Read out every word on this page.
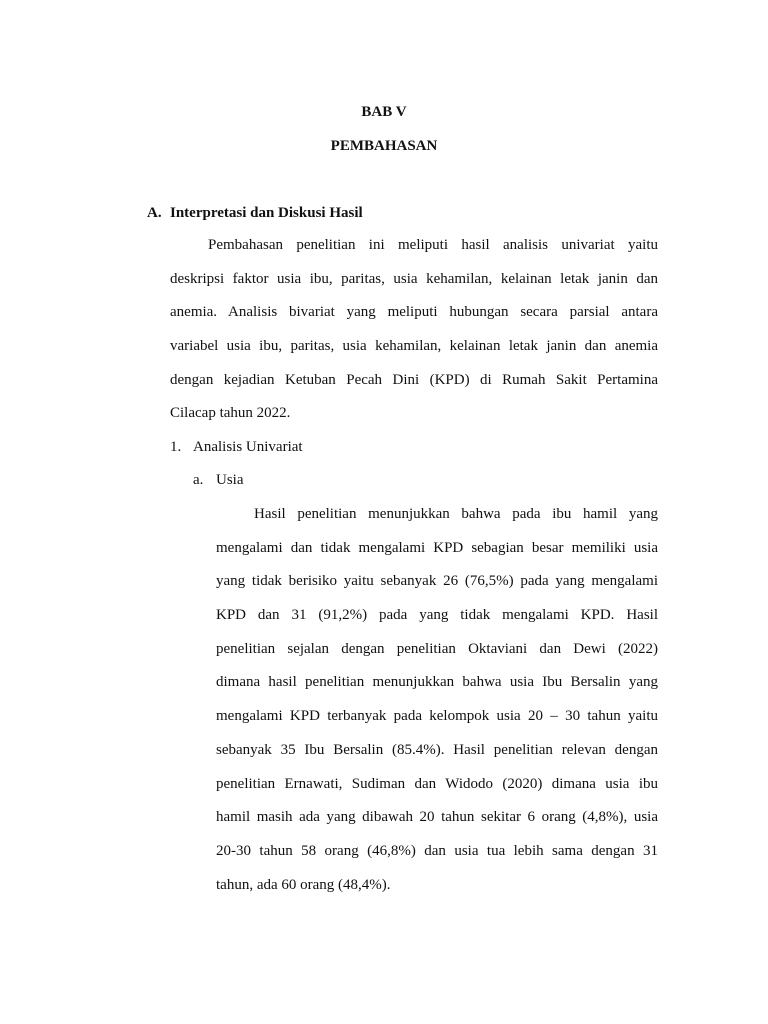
BAB V

PEMBAHASAN

A. Interpretasi dan Diskusi Hasil

Pembahasan penelitian ini meliputi hasil analisis univariat yaitu
deskripsi faktor usia ibu, paritas, usia kehamilan, kelainan letak janin dan
anemia. Analisis bivariat yang meliputi hubungan secara parsial antara
variabel usia ibu, paritas, usia kehamilan, kelainan letak janin dan anemia
dengan kejadian Ketuban Pecah Dini (KPD) di Rumah Sakit Pertamina
Cilacap tahun 2022.

1. Analisis Univariat

a. Usia

Hasil penelitian menunjukkan bahwa pada ibu hamil yang
mengalami dan tidak mengalami KPD sebagian besar memiliki usia
yang tidak berisiko yaitu sebanyak 26 (76,5%) pada yang mengalami
KPD dan 31 (91,2%) pada yang tidak mengalami KPD. Hasil
penelitian sejalan dengan penelitian Oktaviani dan Dewi (2022)
dimana hasil penelitian menunjukkan bahwa usia Ibu Bersalin yang
mengalami KPD terbanyak pada kelompok usia 20 – 30 tahun yaitu
sebanyak 35 Ibu Bersalin (85.4%). Hasil penelitian relevan dengan
penelitian Ernawati, Sudiman dan Widodo (2020) dimana usia ibu
hamil masih ada yang dibawah 20 tahun sekitar 6 orang (4,8%), usia
20-30 tahun 58 orang (46,8%) dan usia tua lebih sama dengan 31
tahun, ada 60 orang (48,4%).
